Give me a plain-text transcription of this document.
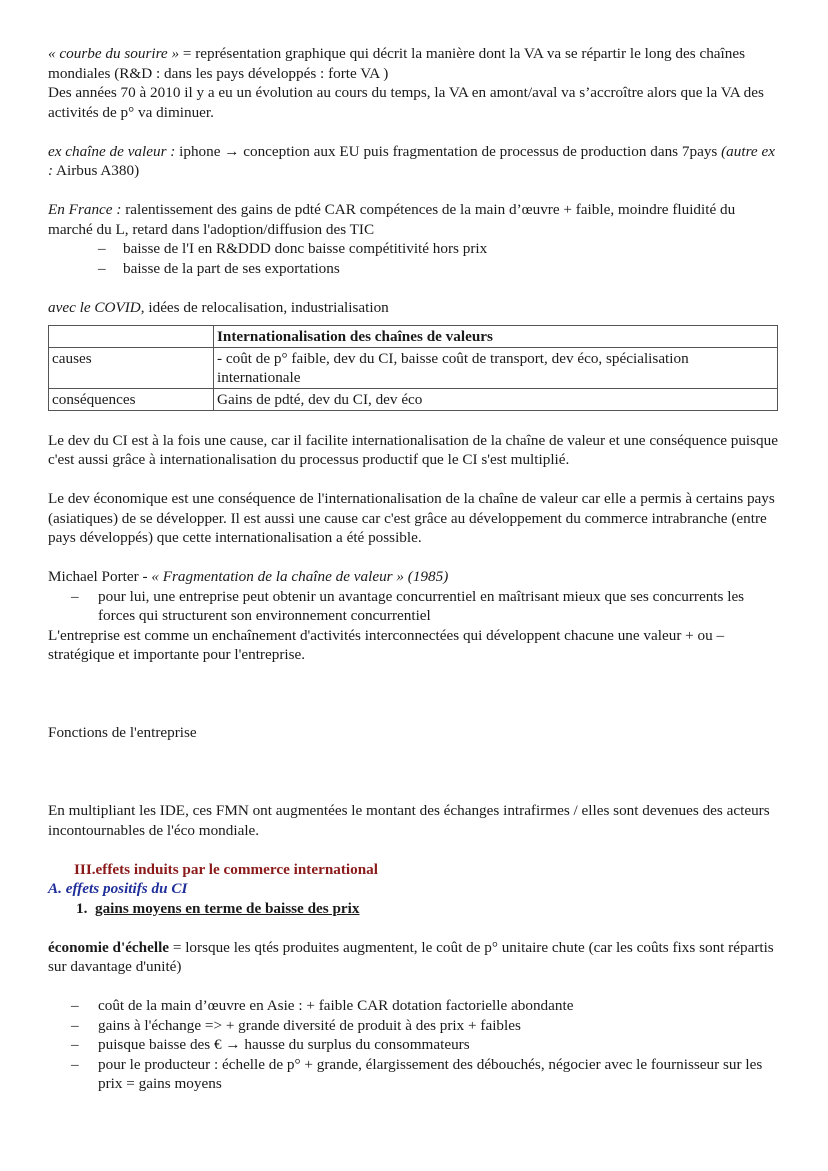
« courbe du sourire » = représentation graphique qui décrit la manière dont la VA va se répartir le long des chaînes mondiales (R&D : dans les pays développés : forte VA )

Des années 70 à 2010 il y a eu un évolution au cours du temps, la VA en amont/aval va s’accroître alors que la VA des activités de p° va diminuer.

ex chaîne de valeur : iphone → conception aux EU puis fragmentation de processus de production dans 7pays (autre ex : Airbus A380)

En France : ralentissement des gains de pdté CAR compétences de la main d’œuvre + faible, moindre fluidité du marché du L, retard dans l'adoption/diffusion des TIC

– baisse de l'I en R&DDD donc baisse compétitivité hors prix
– baisse de la part de ses exportations

avec le COVID, idées de relocalisation, industrialisation

	Internationalisation des chaînes de valeurs
causes	- coût de p° faible, dev du CI, baisse coût de transport, dev éco, spécialisation internationale
conséquences	Gains de pdté, dev du CI, dev éco

Le dev du CI est à la fois une cause, car il facilite internationalisation de la chaîne de valeur et une conséquence puisque c'est aussi grâce à internationalisation du processus productif que le CI s'est multiplié.

Le dev économique est une conséquence de l'internationalisation de la chaîne de valeur car elle a permis à certains pays (asiatiques) de se développer. Il est aussi une cause car c'est grâce au développement du commerce intrabranche (entre pays développés) que cette internationalisation a été possible.

Michael Porter - « Fragmentation de la chaîne de valeur » (1985)

– pour lui, une entreprise peut obtenir un avantage concurrentiel en maîtrisant mieux que ses concurrents les forces qui structurent son environnement concurrentiel

L'entreprise est comme un enchaînement d'activités interconnectées qui développent chacune une valeur + ou – stratégique et importante pour l'entreprise.

Fonctions de l'entreprise

En multipliant les IDE, ces FMN ont augmentées le montant des échanges intrafirmes / elles sont devenues des acteurs incontournables de l'éco mondiale.

III.effets induits par le commerce international

A. effets positifs du CI

1. gains moyens en terme de baisse des prix

économie d'échelle = lorsque les qtés produites augmentent, le coût de p° unitaire chute (car les coûts fixs sont répartis sur davantage d'unité)

– coût de la main d’œuvre en Asie : + faible CAR dotation factorielle abondante
– gains à l'échange => + grande diversité de produit à des prix + faibles
– puisque baisse des € → hausse du surplus du consommateurs
– pour le producteur : échelle de p° + grande, élargissement des débouchés, négocier avec le fournisseur sur les prix = gains moyens
